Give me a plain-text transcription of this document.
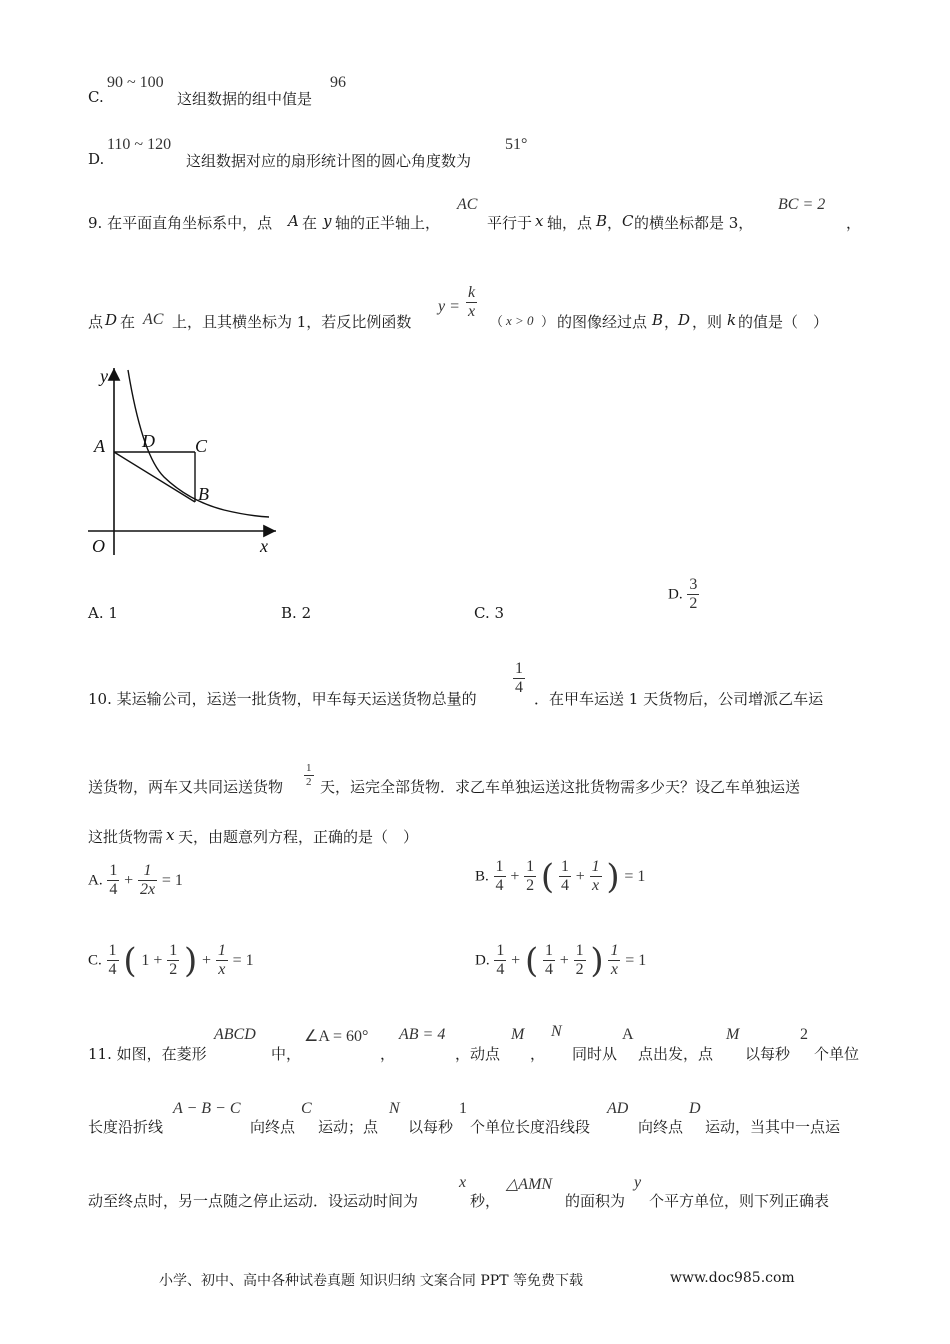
C.
90 ~ 100
这组数据的组中值是
96
D.
110 ~ 120
这组数据对应的扇形统计图的圆心角度数为
51°
9. 在平面直角坐标系中，点 A 在 y 轴的正半轴上，
AC
平行于 x 轴，点 B ， C 的横坐标都是 3，
BC = 2
，
点 D 在 AC 上，且其横坐标为 1，若反比例函数
$y = \frac{k}{x}$
（ x > 0 ） 的图像经过点 B ，
D ，则 k 的值是（　）
y
A D C
B
O	x
A. 1	B. 2	C. 3
D. $\frac{3}{2}$
10. 某运输公司，运送一批货物，甲车每天运送货物总量的
$\frac{1}{4}$
．在甲车运送 1 天货物后，公司增派乙车运
送货物，两车又共同运送货物 $\frac{1}{2}$ 天，运完全部货物．求乙车单独运送这批货物需多少天？设乙车单独运送
这批货物需 x 天，由题意列方程，正确的是（　）
A. $\frac{1}{4} + \frac{1}{2x} = 1$	B. $\frac{1}{4} + \frac{1}{2}$ ( $\frac{1}{4} + \frac{1}{x}$ ) = 1
C. $\frac{1}{4}$ ( $1 + \frac{1}{2}$ ) + $\frac{1}{x} = 1$	D. $\frac{1}{4}$ + ( $\frac{1}{4} + \frac{1}{2}$ ) $\frac{1}{x} = 1$
11. 如图，在菱形
ABCD
中，
∠A = 60°
，
AB = 4
，动点
M
，
N
同时从
A
点出发，点
M
以每秒
2
个单位
长度沿折线
A − B − C
向终点
C
运动；点
N
以每秒
1
个单位长度沿线段
AD
向终点
D
运动，当其中一点运
动至终点时，另一点随之停止运动．设运动时间为
x
秒，
△AMN
的面积为
y
个平方单位，则下列正确表
小学、初中、高中各种试卷真题 知识归纳 文案合同 PPT 等免费下载	www.doc985.com
